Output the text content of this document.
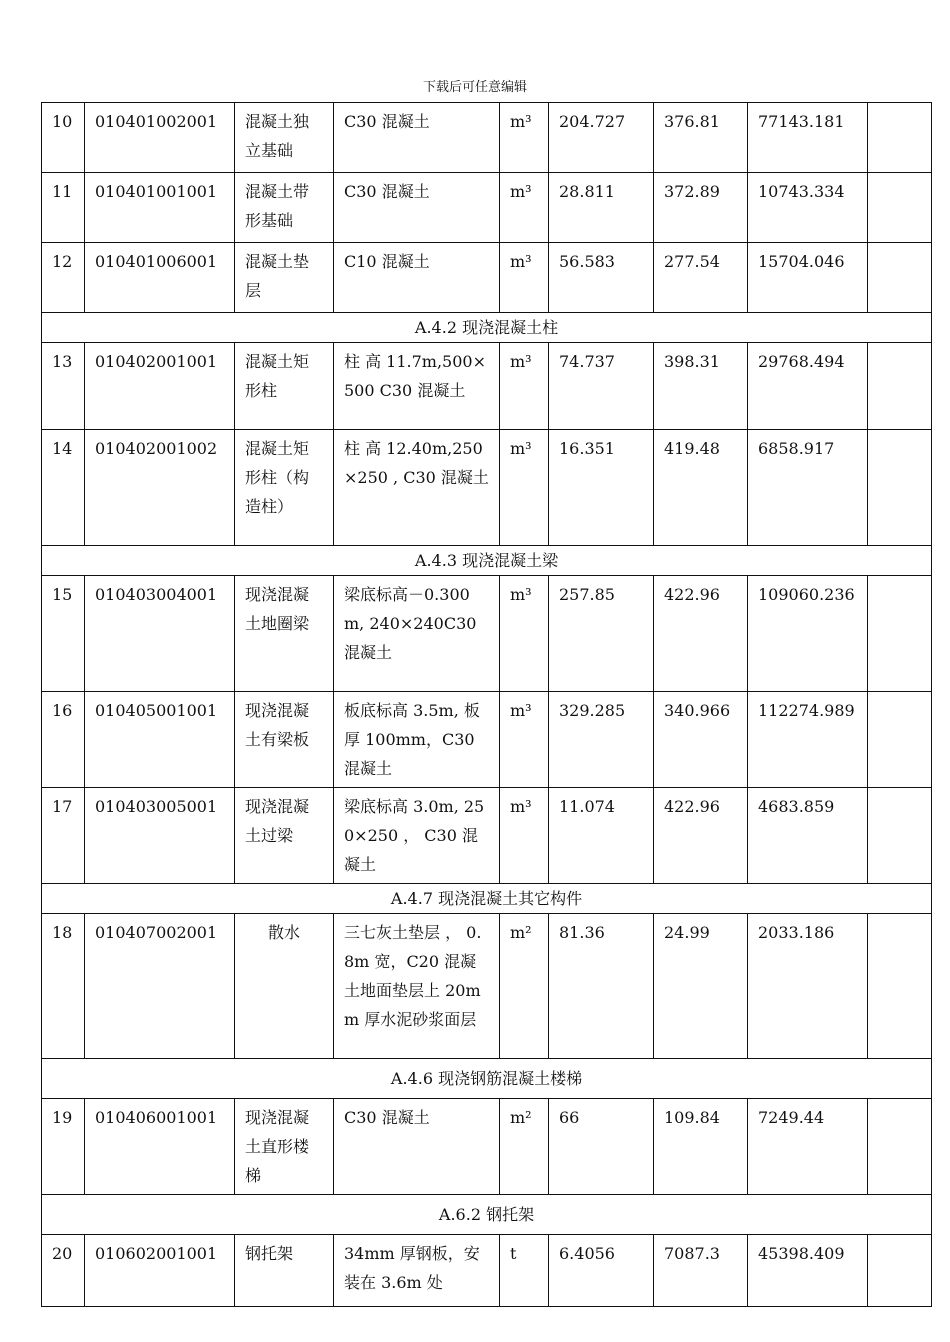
下载后可任意编辑
10	010401002001	混凝土独立基础	C30 混凝土	m³	204.727	376.81	77143.181	
11	010401001001	混凝土带形基础	C30 混凝土	m³	28.811	372.89	10743.334	
12	010401006001	混凝土垫层	C10 混凝土	m³	56.583	277.54	15704.046	
A.4.2 现浇混凝土柱								
13	010402001001	混凝土矩形柱	柱 高 11.7m,500×500 C30 混凝土	m³	74.737	398.31	29768.494	
14	010402001002	混凝土矩形柱（构造柱）	柱 高 12.40m,250×250 , C30 混凝土	m³	16.351	419.48	6858.917	
A.4.3 现浇混凝土梁								
15	010403004001	现浇混凝土地圈梁	梁底标高－0.300m, 240×240C30 混凝土	m³	257.85	422.96	109060.236	
16	010405001001	现浇混凝土有梁板	板底标高 3.5m, 板厚 100mm，C30 混凝土	m³	329.285	340.966	112274.989	
17	010403005001	现浇混凝土过梁	梁底标高 3.0m, 250×250 ， C30 混凝土	m³	11.074	422.96	4683.859	
A.4.7 现浇混凝土其它构件								
18	010407002001	散水	三七灰土垫层 ， 0.8m 宽，C20 混凝土地面垫层上 20mm 厚水泥砂浆面层	m²	81.36	24.99	2033.186	
A.4.6 现浇钢筋混凝土楼梯								
19	010406001001	现浇混凝土直形楼梯	C30 混凝土	m²	66	109.84	7249.44	
A.6.2 钢托架								
20	010602001001	钢托架	34mm 厚钢板，安装在 3.6m 处	t	6.4056	7087.3	45398.409	
